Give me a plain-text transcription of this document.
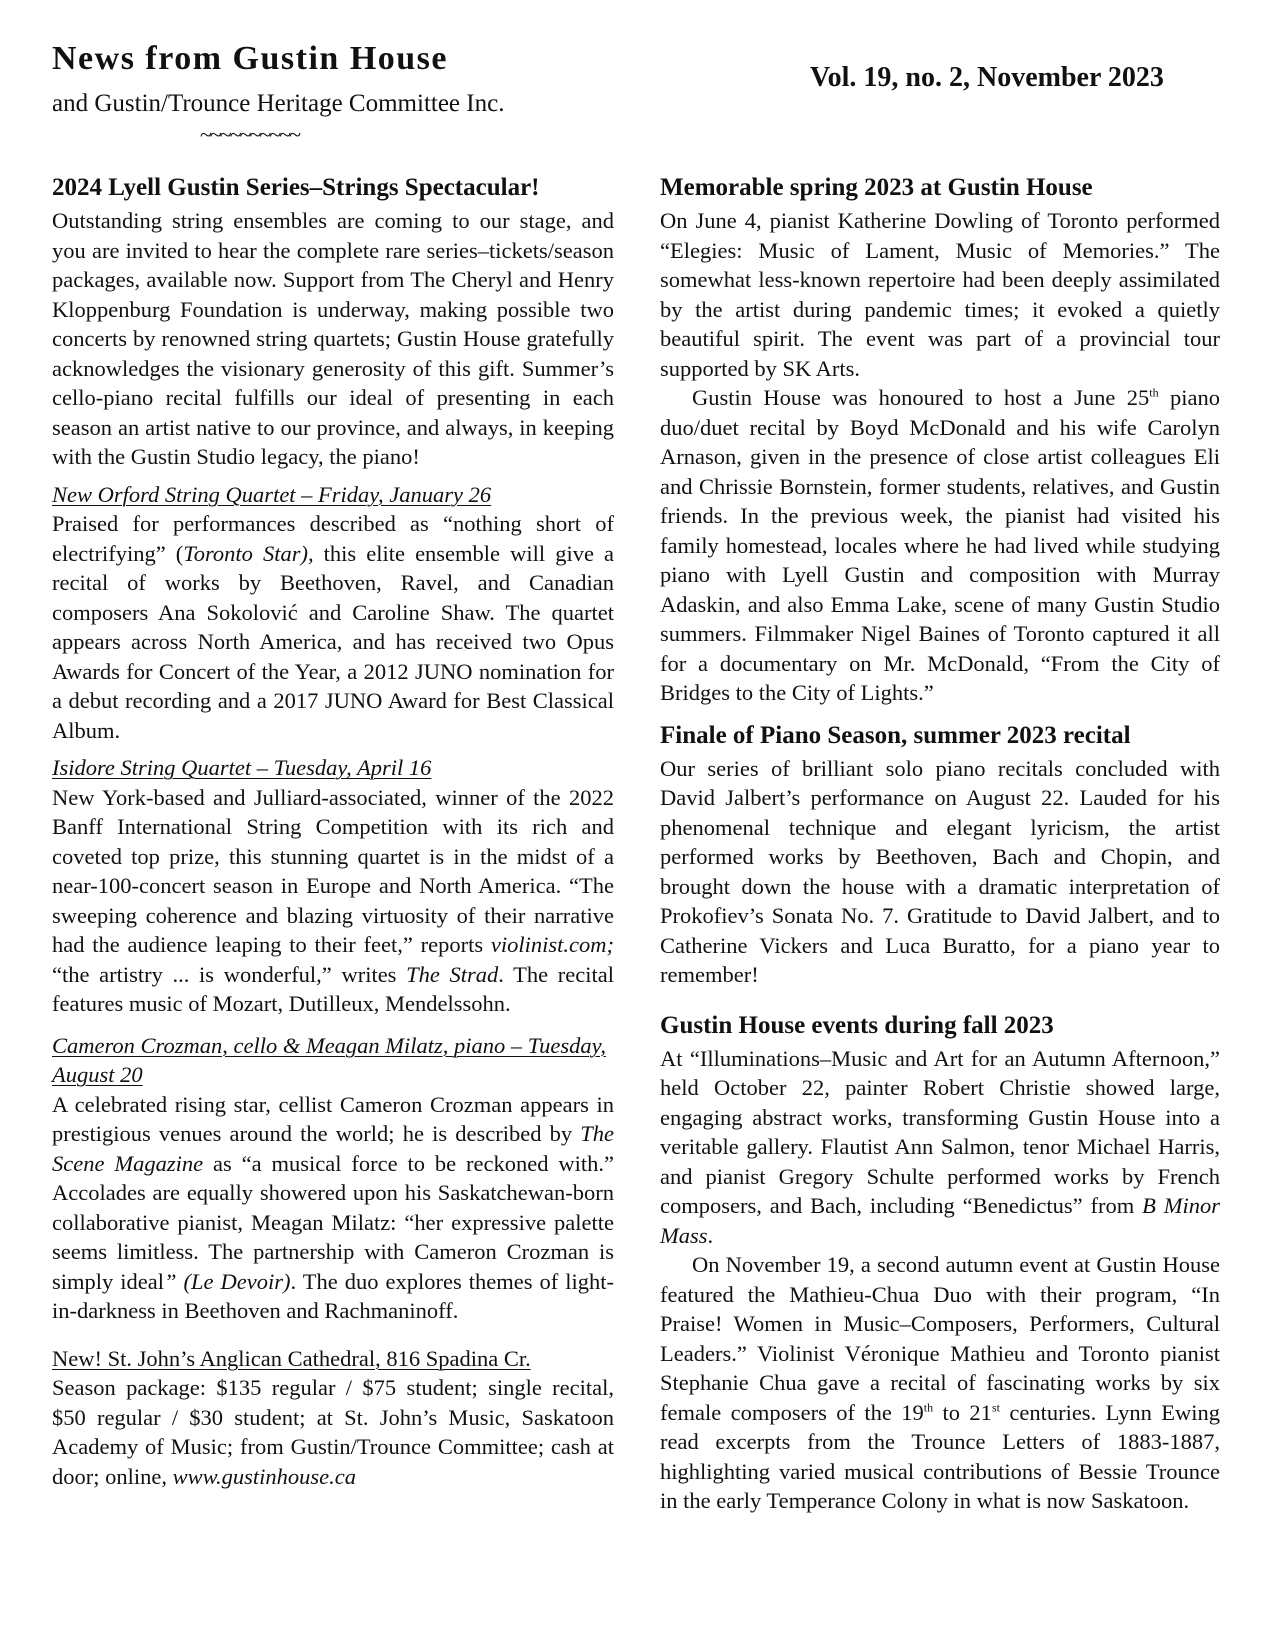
News from Gustin House
and Gustin/Trounce Heritage Committee Inc.
~~~~~~~~~~
Vol. 19, no. 2, November 2023
2024 Lyell Gustin Series–Strings Spectacular!

Outstanding string ensembles are coming to our stage, and you are invited to hear the complete rare series–tickets/season packages, available now. Support from The Cheryl and Henry Kloppenburg Foundation is underway, making possible two concerts by renowned string quartets; Gustin House gratefully acknowledges the visionary generosity of this gift. Summer’s cello-piano recital fulfills our ideal of presenting in each season an artist native to our province, and always, in keeping with the Gustin Studio legacy, the piano!

New Orford String Quartet – Friday, January 26

Praised for performances described as “nothing short of electrifying” (Toronto Star), this elite ensemble will give a recital of works by Beethoven, Ravel, and Canadian composers Ana Sokolović and Caroline Shaw. The quartet appears across North America, and has received two Opus Awards for Concert of the Year, a 2012 JUNO nomination for a debut recording and a 2017 JUNO Award for Best Classical Album.

Isidore String Quartet – Tuesday, April 16

New York-based and Julliard-associated, winner of the 2022 Banff International String Competition with its rich and coveted top prize, this stunning quartet is in the midst of a near-100-concert season in Europe and North America. “The sweeping coherence and blazing virtuosity of their narrative had the audience leaping to their feet,” reports violinist.com; “the artistry ... is wonderful,” writes The Strad. The recital features music of Mozart, Dutilleux, Mendelssohn.

Cameron Crozman, cello & Meagan Milatz, piano – Tuesday, August 20

A celebrated rising star, cellist Cameron Crozman appears in prestigious venues around the world; he is described by The Scene Magazine as “a musical force to be reckoned with.” Accolades are equally showered upon his Saskatchewan-born collaborative pianist, Meagan Milatz: “her expressive palette seems limitless. The partnership with Cameron Crozman is simply ideal” (Le Devoir). The duo explores themes of light-in-darkness in Beethoven and Rachmaninoff.

New! St. John’s Anglican Cathedral, 816 Spadina Cr.

Season package: $135 regular / $75 student; single recital, $50 regular / $30 student; at St. John’s Music, Saskatoon Academy of Music; from Gustin/Trounce Committee; cash at door; online, www.gustinhouse.ca

Memorable spring 2023 at Gustin House

On June 4, pianist Katherine Dowling of Toronto performed “Elegies: Music of Lament, Music of Memories.” The somewhat less-known repertoire had been deeply assimilated by the artist during pandemic times; it evoked a quietly beautiful spirit. The event was part of a provincial tour supported by SK Arts.

Gustin House was honoured to host a June 25th piano duo/duet recital by Boyd McDonald and his wife Carolyn Arnason, given in the presence of close artist colleagues Eli and Chrissie Bornstein, former students, relatives, and Gustin friends. In the previous week, the pianist had visited his family homestead, locales where he had lived while studying piano with Lyell Gustin and composition with Murray Adaskin, and also Emma Lake, scene of many Gustin Studio summers. Filmmaker Nigel Baines of Toronto captured it all for a documentary on Mr. McDonald, “From the City of Bridges to the City of Lights.”

Finale of Piano Season, summer 2023 recital

Our series of brilliant solo piano recitals concluded with David Jalbert’s performance on August 22. Lauded for his phenomenal technique and elegant lyricism, the artist performed works by Beethoven, Bach and Chopin, and brought down the house with a dramatic interpretation of Prokofiev’s Sonata No. 7. Gratitude to David Jalbert, and to Catherine Vickers and Luca Buratto, for a piano year to remember!

Gustin House events during fall 2023

At “Illuminations–Music and Art for an Autumn Afternoon,” held October 22, painter Robert Christie showed large, engaging abstract works, transforming Gustin House into a veritable gallery. Flautist Ann Salmon, tenor Michael Harris, and pianist Gregory Schulte performed works by French composers, and Bach, including “Benedictus” from B Minor Mass.

On November 19, a second autumn event at Gustin House featured the Mathieu-Chua Duo with their program, “In Praise! Women in Music–Composers, Performers, Cultural Leaders.” Violinist Véronique Mathieu and Toronto pianist Stephanie Chua gave a recital of fascinating works by six female composers of the 19th to 21st centuries. Lynn Ewing read excerpts from the Trounce Letters of 1883-1887, highlighting varied musical contributions of Bessie Trounce in the early Temperance Colony in what is now Saskatoon.
